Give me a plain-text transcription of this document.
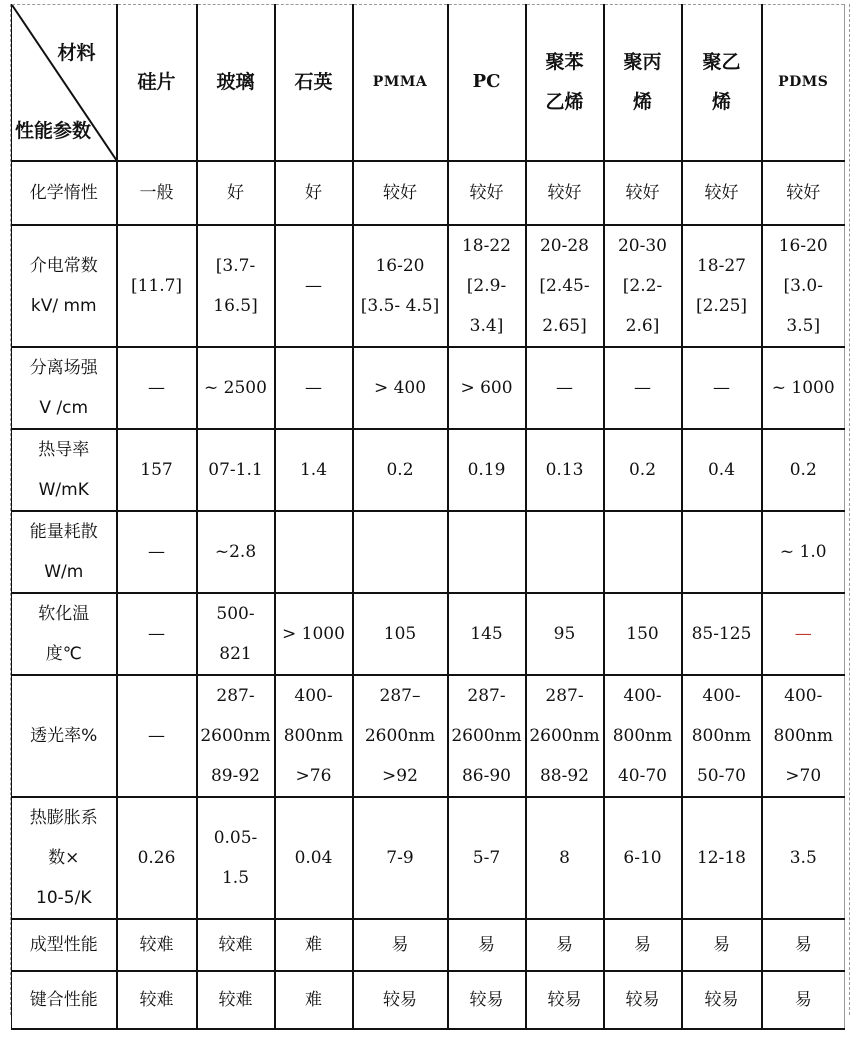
材料
性能参数	硅片	玻璃	石英	PMMA	PC	聚苯
乙烯	聚丙
烯	聚乙
烯	PDMS

化学惰性	一般	好	好	较好	较好	较好	较好	较好	较好

介电常数
kV/ mm	[11.7]	[3.7-
16.5]	—	16-20
[3.5- 4.5]	18-22
[2.9-
3.4]	20-28
[2.45-
2.65]	20-30
[2.2-
2.6]	18-27
[2.25]	16-20
[3.0-
3.5]

分离场强
V /cm	—	~ 2500	—	> 400	> 600	—	—	—	~ 1000

热导率
W/mK	157	07-1.1	1.4	0.2	0.19	0.13	0.2	0.4	0.2

能量耗散
W/m	—	~2.8							~ 1.0

软化温
度℃	—	500-
821	> 1000	105	145	95	150	85-125	—

透光率%	—	287-
2600nm
89-92	400-
800nm
>76	287–
2600nm
>92	287-
2600nm
86-90	287-
2600nm
88-92	400-
800nm
40-70	400-
800nm
50-70	400-
800nm
>70

热膨胀系
数×
10-5/K	0.26	0.05-
1.5	0.04	7-9	5-7	8	6-10	12-18	3.5

成型性能	较难	较难	难	易	易	易	易	易	易

键合性能	较难	较难	难	较易	较易	较易	较易	较易	易
